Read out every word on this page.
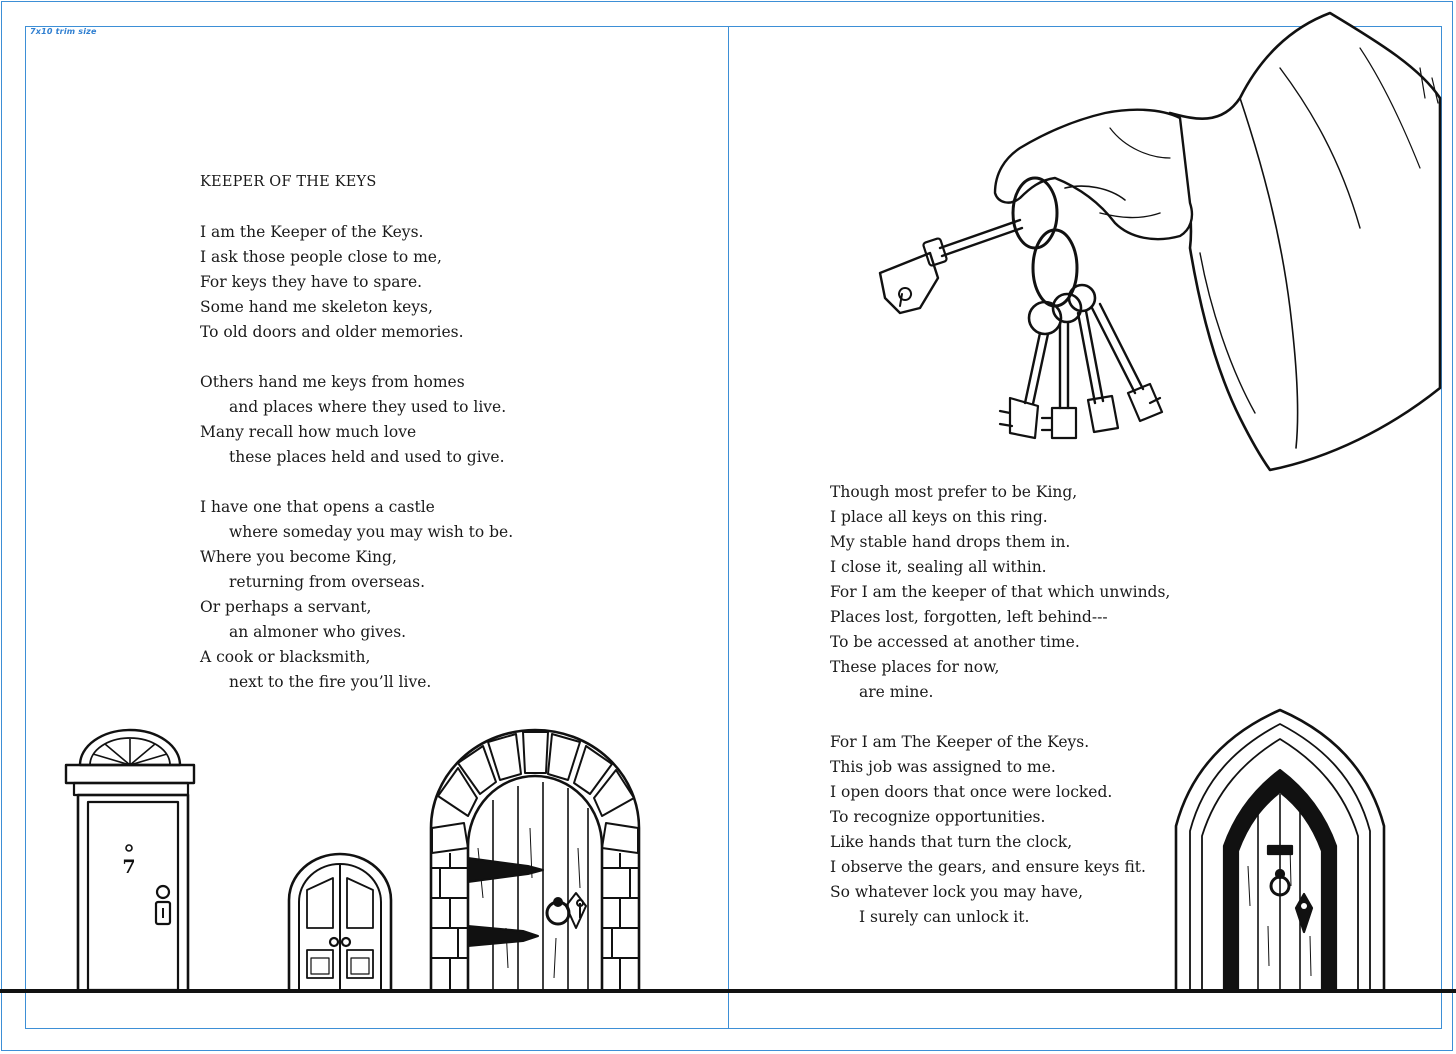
7x10 trim size
KEEPER OF THE KEYS
I am the Keeper of the Keys.
I ask those people close to me,
For keys they have to spare.
Some hand me skeleton keys,
To old doors and older memories.
Others hand me keys from homes
and places where they used to live.
Many recall how much love
these places held and used to give.
I have one that opens a castle
where someday you may wish to be.
Where you become King,
returning from overseas.
Or perhaps a servant,
an almoner who gives.
A cook or blacksmith,
next to the fire you’ll live.
Though most prefer to be King,
I place all keys on this ring.
My stable hand drops them in.
I close it, sealing all within.
For I am the keeper of that which unwinds,
Places lost, forgotten, left behind---
To be accessed at another time.
These places for now,
are mine.
For I am The Keeper of the Keys.
This job was assigned to me.
I open doors that once were locked.
To recognize opportunities.
Like hands that turn the clock,
I observe the gears, and ensure keys fit.
So whatever lock you may have,
I surely can unlock it.
7
